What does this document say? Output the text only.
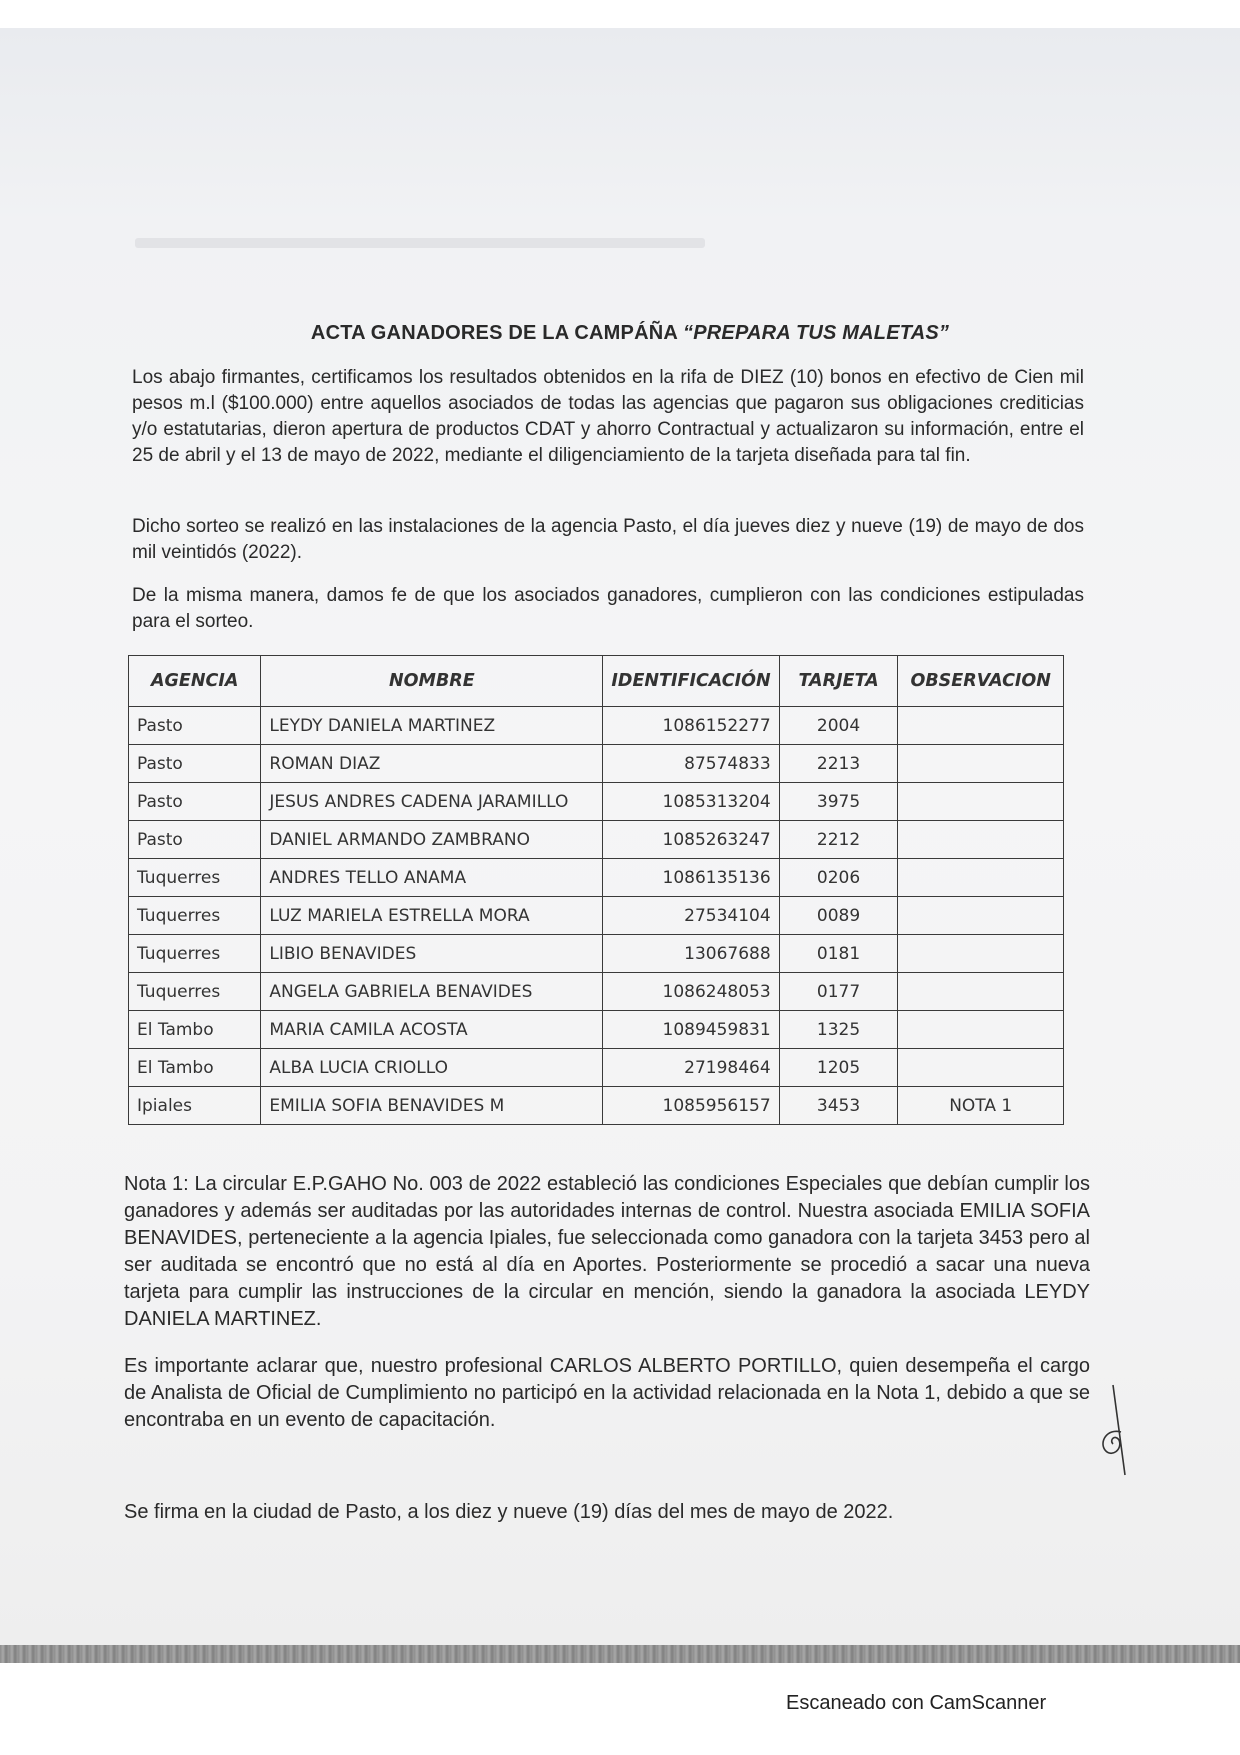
ACTA GANADORES DE LA CAMPÁÑA “PREPARA TUS MALETAS”
Los abajo firmantes, certificamos los resultados obtenidos en la rifa de DIEZ (10) bonos en efectivo de Cien mil pesos m.l ($100.000) entre aquellos asociados de todas las agencias que pagaron sus obligaciones crediticias y/o estatutarias, dieron apertura de productos CDAT y ahorro Contractual y actualizaron su información, entre el 25 de abril y el 13 de mayo de 2022, mediante el diligenciamiento de la tarjeta diseñada para tal fin.
Dicho sorteo se realizó en las instalaciones de la agencia Pasto, el día jueves diez y nueve (19) de mayo de dos mil veintidós (2022).
De la misma manera, damos fe de que los asociados ganadores, cumplieron con las condiciones estipuladas para el sorteo.
AGENCIA	NOMBRE	IDENTIFICACIÓN	TARJETA	OBSERVACION
Pasto	LEYDY DANIELA MARTINEZ	1086152277	2004	
Pasto	ROMAN DIAZ	87574833	2213	
Pasto	JESUS ANDRES CADENA JARAMILLO	1085313204	3975	
Pasto	DANIEL ARMANDO ZAMBRANO	1085263247	2212	
Tuquerres	ANDRES TELLO ANAMA	1086135136	0206	
Tuquerres	LUZ MARIELA ESTRELLA MORA	27534104	0089	
Tuquerres	LIBIO BENAVIDES	13067688	0181	
Tuquerres	ANGELA GABRIELA BENAVIDES	1086248053	0177	
El Tambo	MARIA CAMILA ACOSTA	1089459831	1325	
El Tambo	ALBA LUCIA CRIOLLO	27198464	1205	
Ipiales	EMILIA SOFIA BENAVIDES M	1085956157	3453	NOTA 1
Nota 1: La circular E.P.GAHO No. 003 de 2022 estableció las condiciones Especiales que debían cumplir los ganadores y además ser auditadas por las autoridades internas de control. Nuestra asociada EMILIA SOFIA BENAVIDES, perteneciente a la agencia Ipiales, fue seleccionada como ganadora con la tarjeta 3453 pero al ser auditada se encontró que no está al día en Aportes. Posteriormente se procedió a sacar una nueva tarjeta para cumplir las instrucciones de la circular en mención, siendo la ganadora la asociada LEYDY DANIELA MARTINEZ.
Es importante aclarar que, nuestro profesional CARLOS ALBERTO PORTILLO, quien desempeña el cargo de Analista de Oficial de Cumplimiento no participó en la actividad relacionada en la Nota 1, debido a que se encontraba en un evento de capacitación.
Se firma en la ciudad de Pasto, a los diez y nueve (19) días del mes de mayo de 2022.
Escaneado con CamScanner
